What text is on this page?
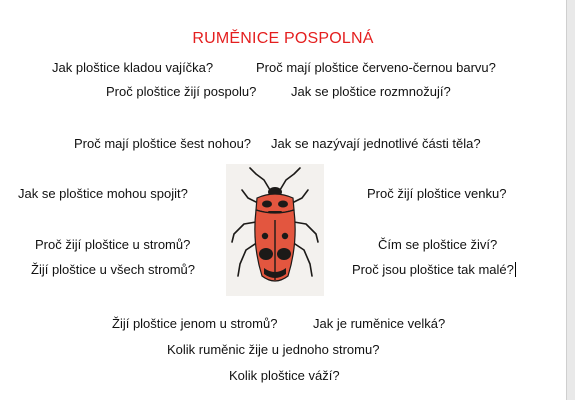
RUMĚNICE POSPOLNÁ
Jak ploštice kladou vajíčka?	Proč mají ploštice červeno-černou barvu?
Proč ploštice žijí pospolu?	Jak se ploštice rozmnožují?
Proč mají ploštice šest nohou? Jak se nazývají jednotlivé části těla?
Jak se ploštice mohou spojit?	Proč žijí ploštice venku?
Proč žijí ploštice u stromů?	Čím se ploštice živí?
Žijí ploštice u všech stromů?	Proč jsou ploštice tak malé?
Žijí ploštice jenom u stromů?	Jak je ruměnice velká?
Kolik ruměnic žije u jednoho stromu?
Kolik ploštice váží?
